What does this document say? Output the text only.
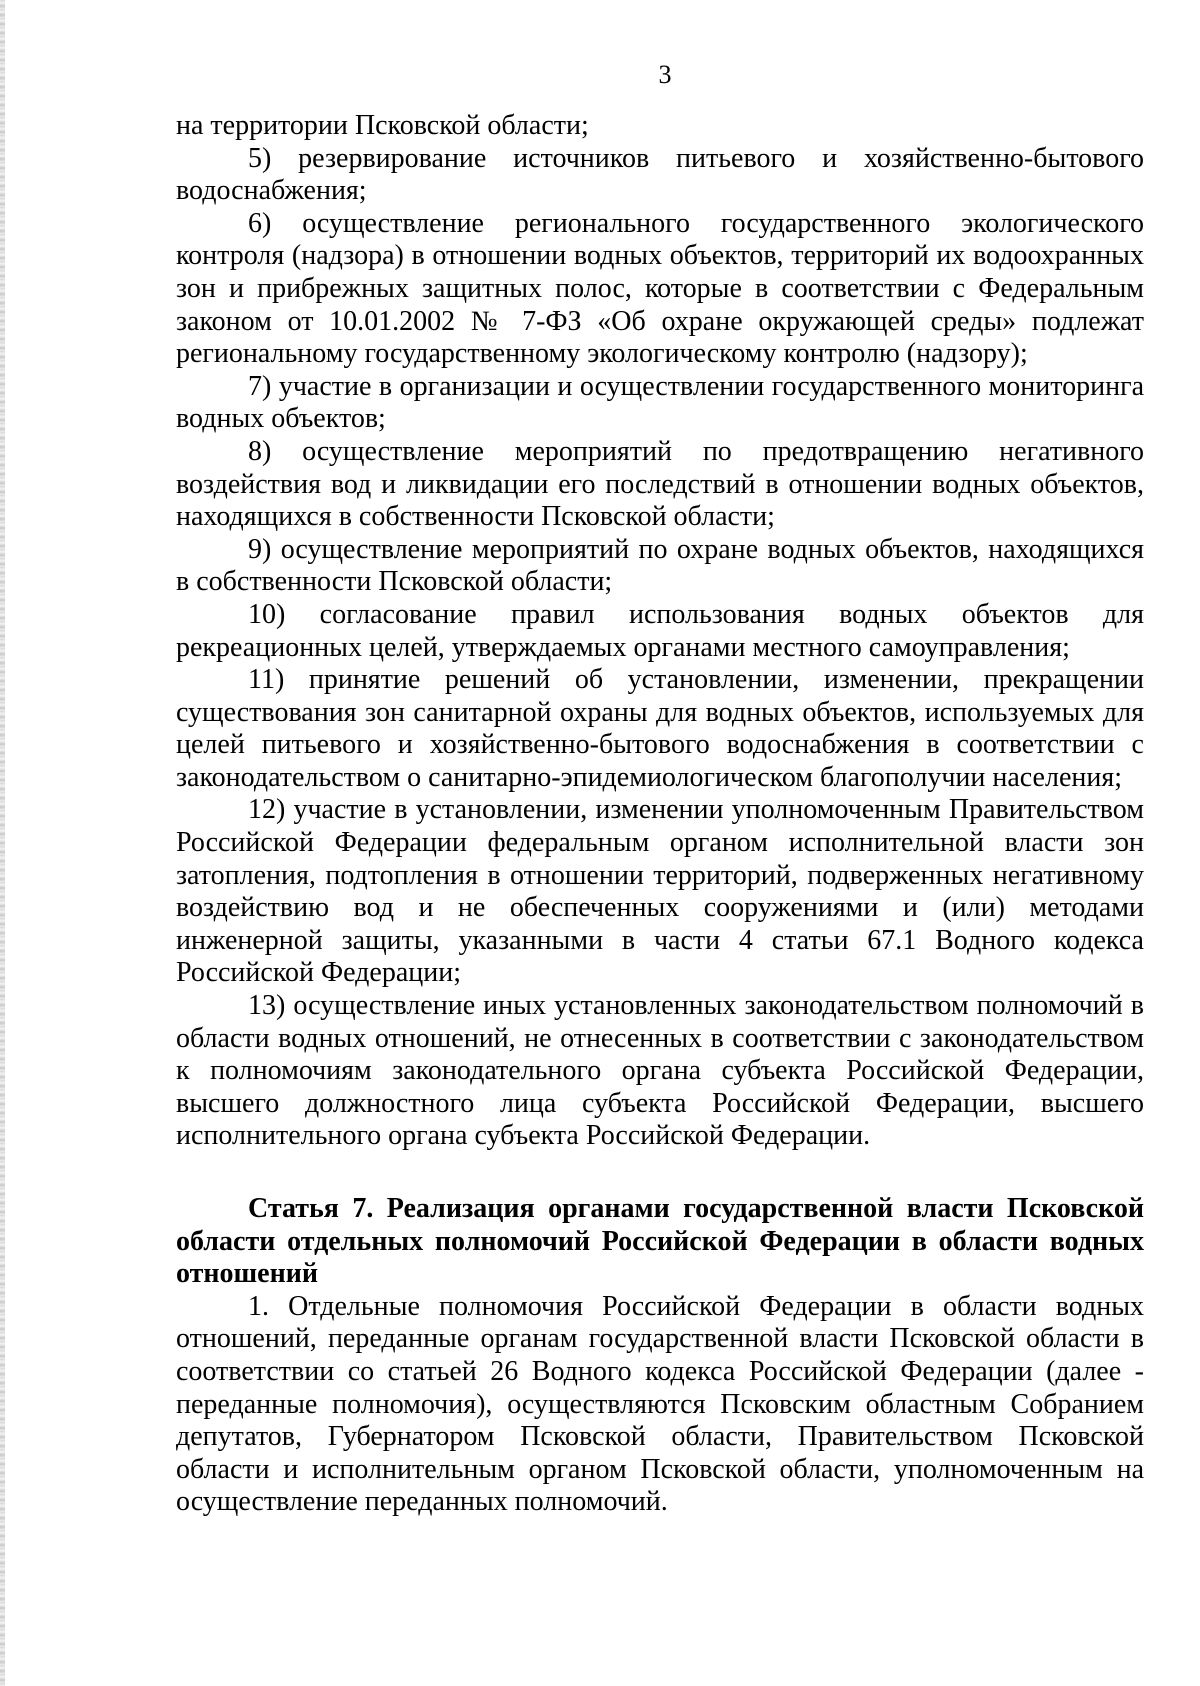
3

на территории Псковской области;

5) резервирование источников питьевого и хозяйственно-бытового водоснабжения;

6) осуществление регионального государственного экологического контроля (надзора) в отношении водных объектов, территорий их водоохранных зон и прибрежных защитных полос, которые в соответствии с Федеральным законом от 10.01.2002 № 7-ФЗ «Об охране окружающей среды» подлежат региональному государственному экологическому контролю (надзору);

7) участие в организации и осуществлении государственного мониторинга водных объектов;

8) осуществление мероприятий по предотвращению негативного воздействия вод и ликвидации его последствий в отношении водных объектов, находящихся в собственности Псковской области;

9) осуществление мероприятий по охране водных объектов, находящихся в собственности Псковской области;

10) согласование правил использования водных объектов для рекреационных целей, утверждаемых органами местного самоуправления;

11) принятие решений об установлении, изменении, прекращении существования зон санитарной охраны для водных объектов, используемых для целей питьевого и хозяйственно-бытового водоснабжения в соответствии с законодательством о санитарно-эпидемиологическом благополучии населения;

12) участие в установлении, изменении уполномоченным Правительством Российской Федерации федеральным органом исполнительной власти зон затопления, подтопления в отношении территорий, подверженных негативному воздействию вод и не обеспеченных сооружениями и (или) методами инженерной защиты, указанными в части 4 статьи 67.1 Водного кодекса Российской Федерации;

13) осуществление иных установленных законодательством полномочий в области водных отношений, не отнесенных в соответствии с законодательством к полномочиям законодательного органа субъекта Российской Федерации, высшего должностного лица субъекта Российской Федерации, высшего исполнительного органа субъекта Российской Федерации.

Статья 7. Реализация органами государственной власти Псковской области отдельных полномочий Российской Федерации в области водных отношений

1. Отдельные полномочия Российской Федерации в области водных отношений, переданные органам государственной власти Псковской области в соответствии со статьей 26 Водного кодекса Российской Федерации (далее - переданные полномочия), осуществляются Псковским областным Собранием депутатов, Губернатором Псковской области, Правительством Псковской области и исполнительным органом Псковской области, уполномоченным на осуществление переданных полномочий.
